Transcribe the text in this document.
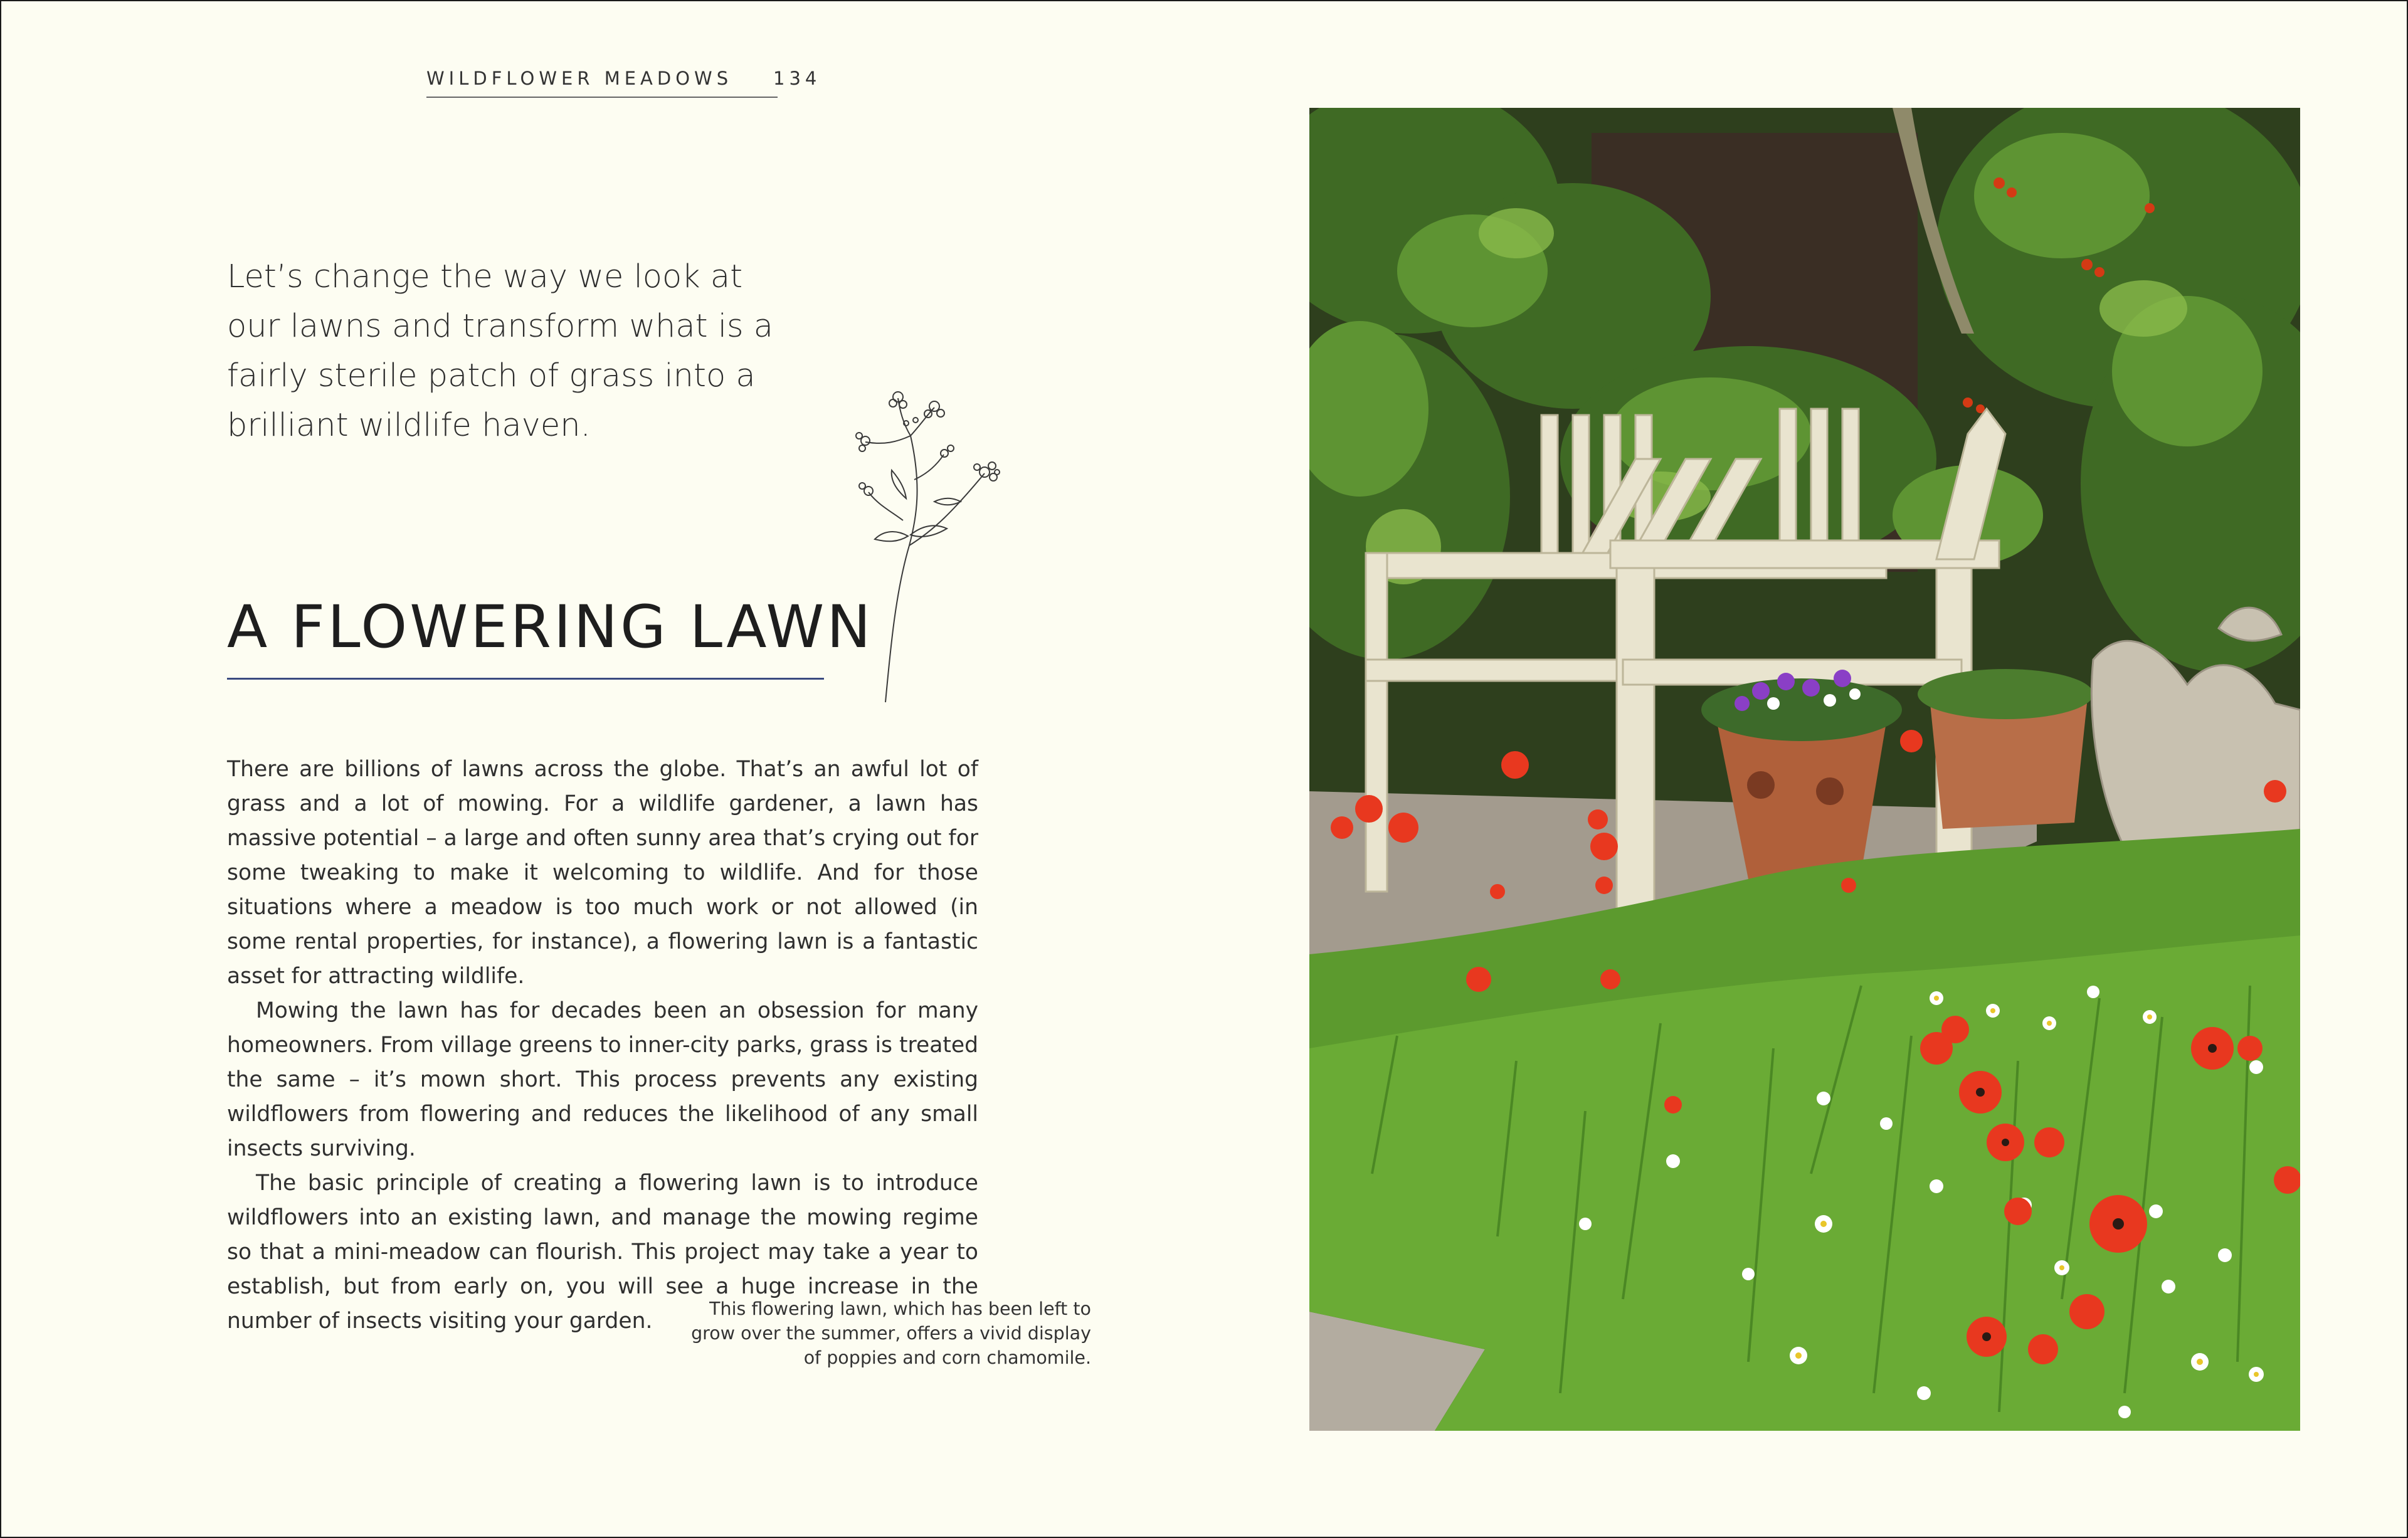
WILDFLOWER MEADOWS 134
Let’s change the way we look at our lawns and transform what is a fairly sterile patch of grass into a brilliant wildlife haven.
A FLOWERING LAWN

There are billions of lawns across the globe. That’s an awful lot of grass and a lot of mowing. For a wildlife gardener, a lawn has massive potential – a large and often sunny area that’s crying out for some tweaking to make it welcoming to wildlife. And for those situations where a meadow is too much work or not allowed (in some rental properties, for instance), a flowering lawn is a fantastic asset for attracting wildlife.

Mowing the lawn has for decades been an obsession for many homeowners. From village greens to inner-city parks, grass is treated the same – it’s mown short. This process prevents any existing wildflowers from flowering and reduces the likelihood of any small insects surviving.

The basic principle of creating a flowering lawn is to introduce wildflowers into an existing lawn, and manage the mowing regime so that a mini-meadow can flourish. This project may take a year to establish, but from early on, you will see a huge increase in the number of insects visiting your garden.	This flowering lawn, which has been left to grow over the summer, offers a vivid display of poppies and corn chamomile.
